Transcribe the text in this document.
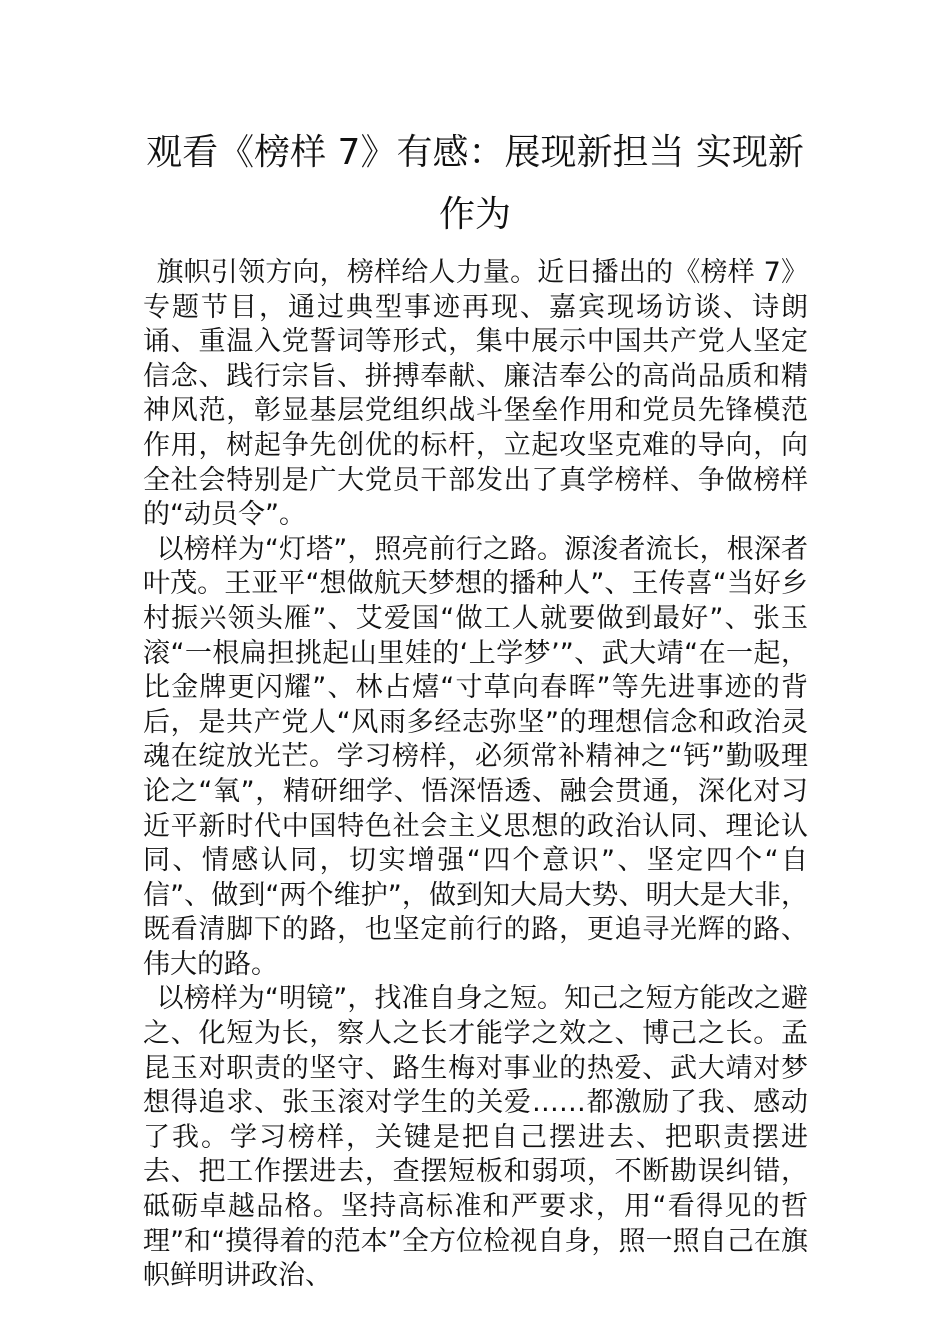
观看《榜样 7》有感：展现新担当 实现新作为

旗帜引领方向，榜样给人力量。近日播出的《榜样 7》专题节目，通过典型事迹再现、嘉宾现场访谈、诗朗诵、重温入党誓词等形式，集中展示中国共产党人坚定信念、践行宗旨、拼搏奉献、廉洁奉公的高尚品质和精神风范，彰显基层党组织战斗堡垒作用和党员先锋模范作用，树起争先创优的标杆，立起攻坚克难的导向，向全社会特别是广大党员干部发出了真学榜样、争做榜样的“动员令”。

以榜样为“灯塔”，照亮前行之路。源浚者流长，根深者叶茂。王亚平“想做航天梦想的播种人”、王传喜“当好乡村振兴领头雁”、艾爱国“做工人就要做到最好”、张玉滚“一根扁担挑起山里娃的‘上学梦’”、武大靖“在一起，比金牌更闪耀”、林占熺“寸草向春晖”等先进事迹的背后，是共产党人“风雨多经志弥坚”的理想信念和政治灵魂在绽放光芒。学习榜样，必须常补精神之“钙”勤吸理论之“氧”，精研细学、悟深悟透、融会贯通，深化对习近平新时代中国特色社会主义思想的政治认同、理论认同、情感认同，切实增强“四个意识”、坚定四个“自信”、做到“两个维护”，做到知大局大势、明大是大非，既看清脚下的路，也坚定前行的路，更追寻光辉的路、伟大的路。

以榜样为“明镜”，找准自身之短。知己之短方能改之避之、化短为长，察人之长才能学之效之、博己之长。孟昆玉对职责的坚守、路生梅对事业的热爱、武大靖对梦想得追求、张玉滚对学生的关爱……都激励了我、感动了我。学习榜样，关键是把自己摆进去、把职责摆进去、把工作摆进去，查摆短板和弱项，不断勘误纠错，砥砺卓越品格。坚持高标准和严要求，用“看得见的哲理”和“摸得着的范本”全方位检视自身，照一照自己在旗帜鲜明讲政治、
